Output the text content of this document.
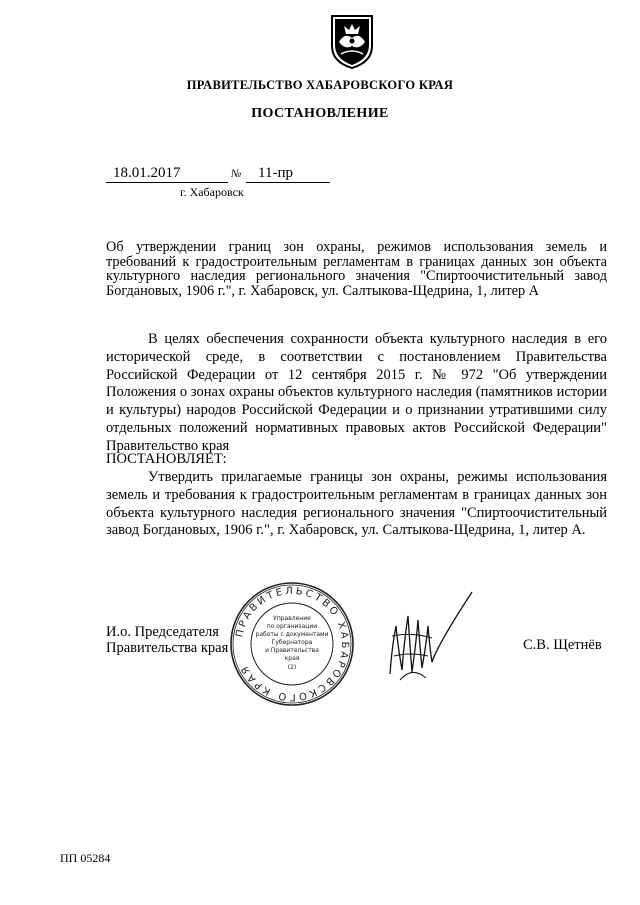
ПРАВИТЕЛЬСТВО ХАБАРОВСКОГО КРАЯ
ПОСТАНОВЛЕНИЕ
18.01.2017	№ 11-пр
г. Хабаровск
Об утверждении границ зон охраны, режимов использования земель и требований к градостроительным регламентам в границах данных зон объекта культурного наследия регионального значения "Спиртоочистительный завод Богдановых, 1906 г.", г. Хабаровск, ул. Салтыкова-Щедрина, 1, литер А
В целях обеспечения сохранности объекта культурного наследия в его исторической среде, в соответствии с постановлением Правительства Российской Федерации от 12 сентября 2015 г. № 972 "Об утверждении Положения о зонах охраны объектов культурного наследия (памятников истории и культуры) народов Российской Федерации и о признании утратившими силу отдельных положений нормативных правовых актов Российской Федерации" Правительство края
ПОСТАНОВЛЯЕТ:
Утвердить прилагаемые границы зон охраны, режимы использования земель и требования к градостроительным регламентам в границах данных зон объекта культурного наследия регионального значения "Спиртоочистительный завод Богдановых, 1906 г.", г. Хабаровск, ул. Салтыкова-Щедрина, 1, литер А.
И.о. Председателя
Правительства края
ПРАВИТЕЛЬСТВО ХАБАРОВСКОГО КРАЯ
Управление
по организации
работы с документами
Губернатора
и Правительства
края
(2)
С.В. Щетнёв
ПП 05284
